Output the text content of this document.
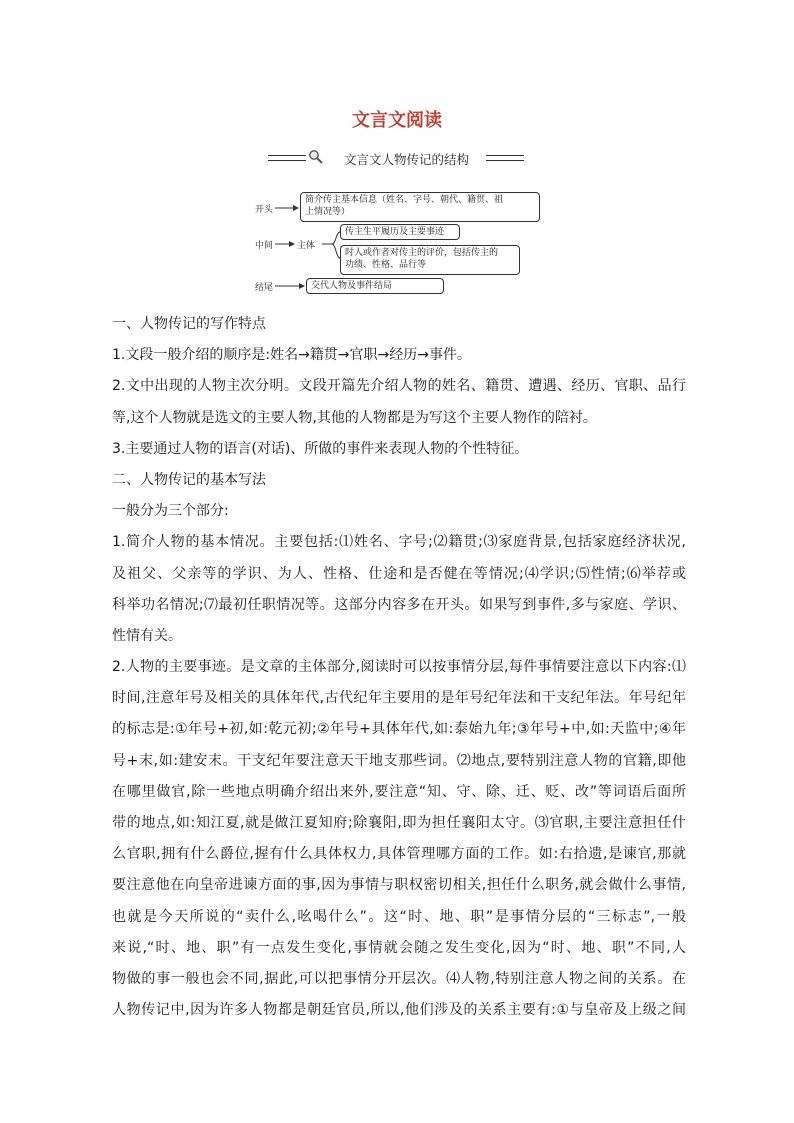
文言文阅读
文言文人物传记的结构
开头
简介传主基本信息（姓名、字号、朝代、籍贯、祖
上情况等）
中间	主体
传主生平履历及主要事迹
时人或作者对传主的评价，包括传主的
功绩、性格、品行等
结尾	交代人物及事件结局
一、人物传记的写作特点
1.文段一般介绍的顺序是:姓名→籍贯→官职→经历→事件。
2.文中出现的人物主次分明。文段开篇先介绍人物的姓名、籍贯、遭遇、经历、官职、品行
等,这个人物就是选文的主要人物,其他的人物都是为写这个主要人物作的陪衬。
3.主要通过人物的语言(对话)、所做的事件来表现人物的个性特征。
二、人物传记的基本写法
一般分为三个部分:
1.简介人物的基本情况。主要包括:⑴姓名、字号;⑵籍贯;⑶家庭背景,包括家庭经济状况,
及祖父、父亲等的学识、为人、性格、仕途和是否健在等情况;⑷学识;⑸性情;⑹举荐或
科举功名情况;⑺最初任职情况等。这部分内容多在开头。如果写到事件,多与家庭、学识、
性情有关。
2.人物的主要事迹。是文章的主体部分,阅读时可以按事情分层,每件事情要注意以下内容:⑴
时间,注意年号及相关的具体年代,古代纪年主要用的是年号纪年法和干支纪年法。年号纪年
的标志是:①年号+初,如:乾元初;②年号+具体年代,如:泰始九年;③年号+中,如:天监中;④年
号+末,如:建安末。干支纪年要注意天干地支那些词。⑵地点,要特别注意人物的官籍,即他
在哪里做官,除一些地点明确介绍出来外,要注意“知、守、除、迁、贬、改”等词语后面所
带的地点,如:知江夏,就是做江夏知府;除襄阳,即为担任襄阳太守。⑶官职,主要注意担任什
么官职,拥有什么爵位,握有什么具体权力,具体管理哪方面的工作。如:右拾遗,是谏官,那就
要注意他在向皇帝进谏方面的事,因为事情与职权密切相关,担任什么职务,就会做什么事情,
也就是今天所说的“卖什么,吆喝什么”。这“时、地、职”是事情分层的“三标志”,一般
来说,“时、地、职”有一点发生变化,事情就会随之发生变化,因为“时、地、职”不同,人
物做的事一般也会不同,据此,可以把事情分开层次。⑷人物,特别注意人物之间的关系。在
人物传记中,因为许多人物都是朝廷官员,所以,他们涉及的关系主要有:①与皇帝及上级之间
